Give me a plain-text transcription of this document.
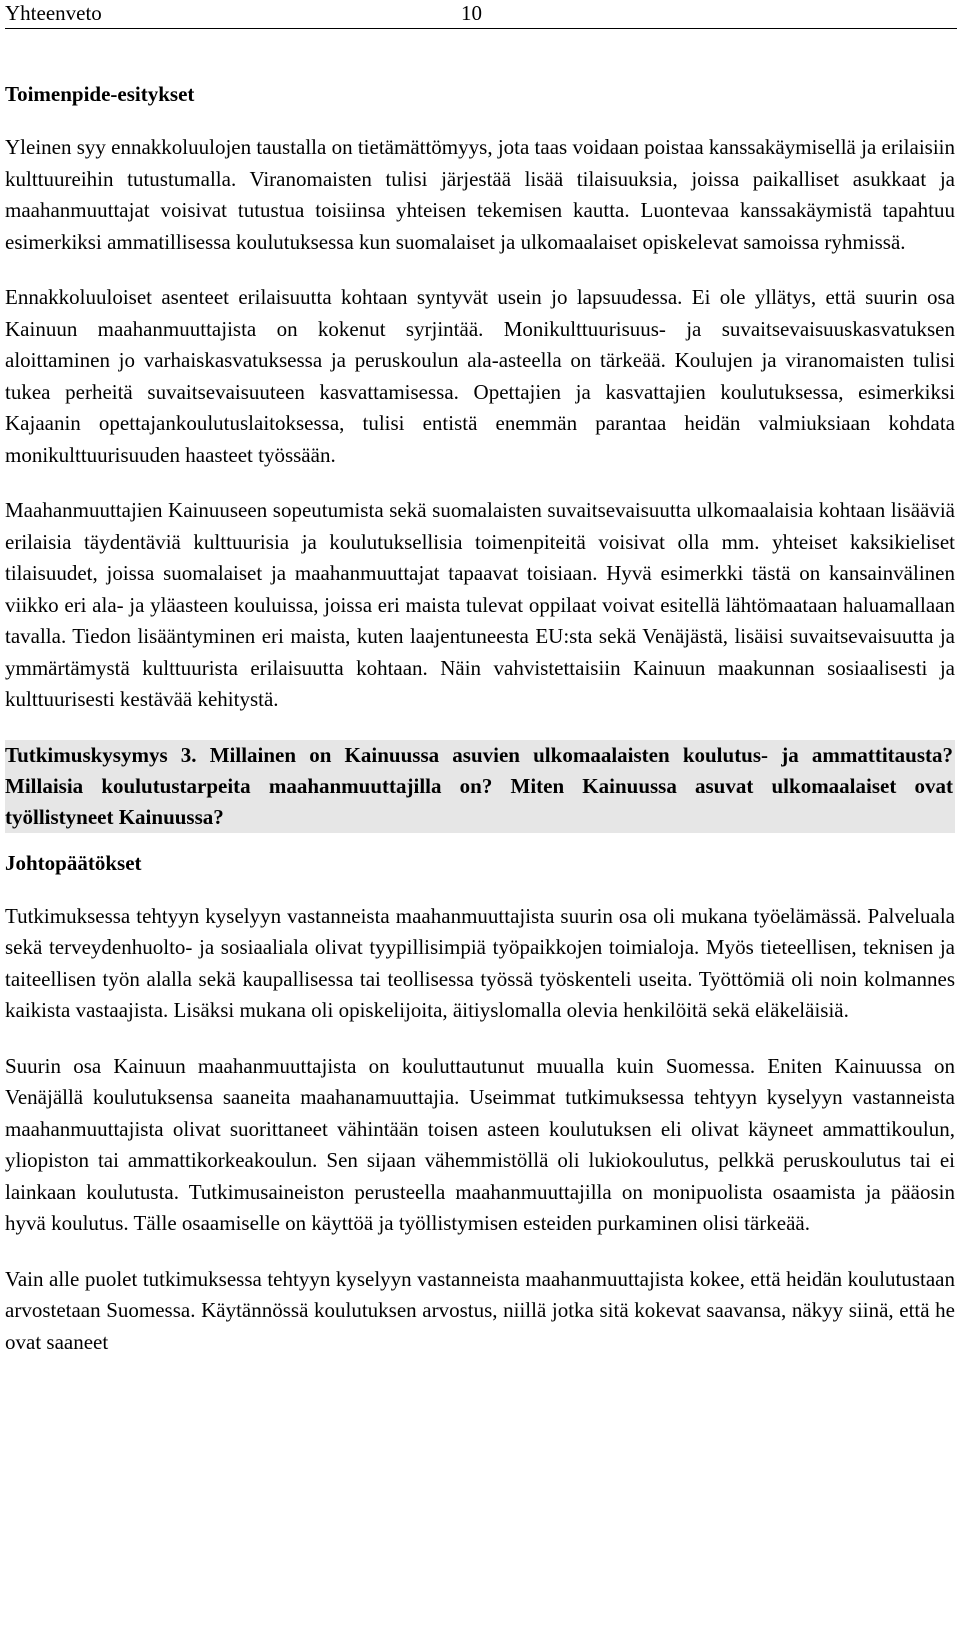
Yhteenveto	10
Toimenpide-esitykset

Yleinen syy ennakkoluulojen taustalla on tietämättömyys, jota taas voidaan poistaa kanssakäymisellä ja erilaisiin kulttuureihin tutustumalla. Viranomaisten tulisi järjestää lisää tilaisuuksia, joissa paikalliset asukkaat ja maahanmuuttajat voisivat tutustua toisiinsa yhteisen tekemisen kautta. Luontevaa kanssakäymistä tapahtuu esimerkiksi ammatillisessa koulutuksessa kun suomalaiset ja ulkomaalaiset opiskelevat samoissa ryhmissä.

Ennakkoluuloiset asenteet erilaisuutta kohtaan syntyvät usein jo lapsuudessa. Ei ole yllätys, että suurin osa Kainuun maahanmuuttajista on kokenut syrjintää. Monikulttuurisuus- ja suvaitsevaisuuskasvatuksen aloittaminen jo varhaiskasvatuksessa ja peruskoulun ala-asteella on tärkeää. Koulujen ja viranomaisten tulisi tukea perheitä suvaitsevaisuuteen kasvattamisessa. Opettajien ja kasvattajien koulutuksessa, esimerkiksi Kajaanin opettajankoulutuslaitoksessa, tulisi entistä enemmän parantaa heidän valmiuksiaan kohdata monikulttuurisuuden haasteet työssään.

Maahanmuuttajien Kainuuseen sopeutumista sekä suomalaisten suvaitsevaisuutta ulkomaalaisia kohtaan lisääviä erilaisia täydentäviä kulttuurisia ja koulutuksellisia toimenpiteitä voisivat olla mm. yhteiset kaksikieliset tilaisuudet, joissa suomalaiset ja maahanmuuttajat tapaavat toisiaan. Hyvä esimerkki tästä on kansainvälinen viikko eri ala- ja yläasteen kouluissa, joissa eri maista tulevat oppilaat voivat esitellä lähtömaataan haluamallaan tavalla. Tiedon lisääntyminen eri maista, kuten laajentuneesta EU:sta sekä Venäjästä, lisäisi suvaitsevaisuutta ja ymmärtämystä kulttuurista erilaisuutta kohtaan. Näin vahvistettaisiin Kainuun maakunnan sosiaalisesti ja kulttuurisesti kestävää kehitystä.

Tutkimuskysymys 3. Millainen on Kainuussa asuvien ulkomaalaisten koulutus- ja ammattitausta? Millaisia koulutustarpeita maahanmuuttajilla on? Miten Kainuussa asuvat ulkomaalaiset ovat työllistyneet Kainuussa?
Johtopäätökset

Tutkimuksessa tehtyyn kyselyyn vastanneista maahanmuuttajista suurin osa oli mukana työelämässä. Palveluala sekä terveydenhuolto- ja sosiaaliala olivat tyypillisimpiä työpaikkojen toimialoja. Myös tieteellisen, teknisen ja taiteellisen työn alalla sekä kaupallisessa tai teollisessa työssä työskenteli useita. Työttömiä oli noin kolmannes kaikista vastaajista. Lisäksi mukana oli opiskelijoita, äitiyslomalla olevia henkilöitä sekä eläkeläisiä.

Suurin osa Kainuun maahanmuuttajista on kouluttautunut muualla kuin Suomessa. Eniten Kainuussa on Venäjällä koulutuksensa saaneita maahanamuuttajia. Useimmat tutkimuksessa tehtyyn kyselyyn vastanneista maahanmuuttajista olivat suorittaneet vähintään toisen asteen koulutuksen eli olivat käyneet ammattikoulun, yliopiston tai ammattikorkeakoulun. Sen sijaan vähemmistöllä oli lukiokoulutus, pelkkä peruskoulutus tai ei lainkaan koulutusta. Tutkimusaineiston perusteella maahanmuuttajilla on monipuolista osaamista ja pääosin hyvä koulutus. Tälle osaamiselle on käyttöä ja työllistymisen esteiden purkaminen olisi tärkeää.

Vain alle puolet tutkimuksessa tehtyyn kyselyyn vastanneista maahanmuuttajista kokee, että heidän koulutustaan arvostetaan Suomessa. Käytännössä koulutuksen arvostus, niillä jotka sitä kokevat saavansa, näkyy siinä, että he ovat saaneet
